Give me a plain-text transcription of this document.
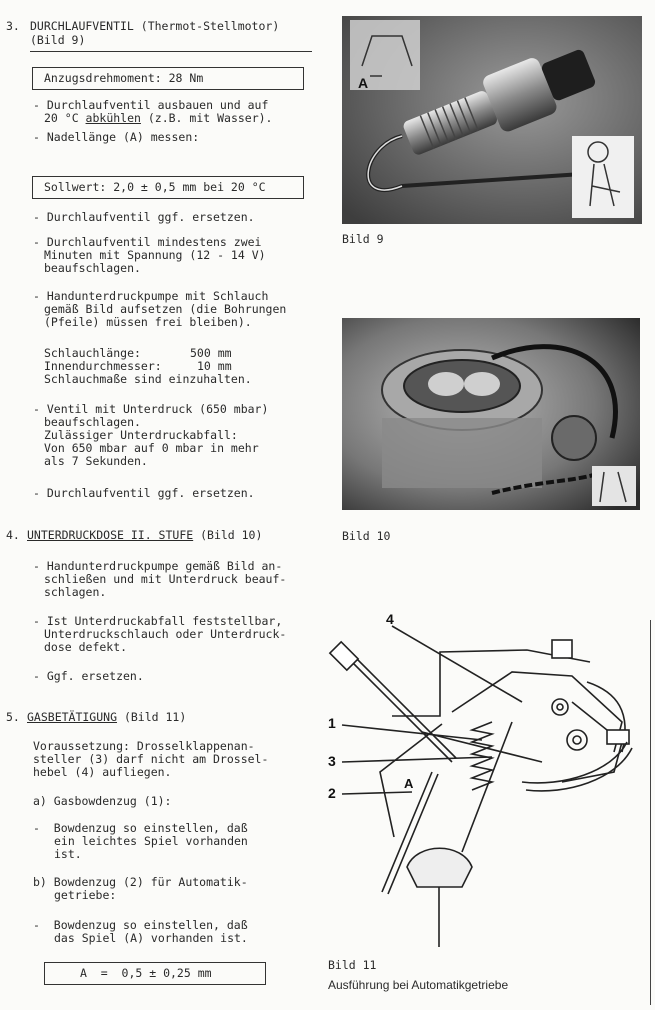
3. DURCHLAUFVENTIL (Thermot-Stellmotor)
(Bild 9)
Anzugsdrehmoment: 28 Nm
- Durchlaufventil ausbauen und auf
20 °C abkühlen (z.B. mit Wasser).
- Nadellänge (A) messen:
Sollwert: 2,0 ± 0,5 mm bei 20 °C
- Durchlaufventil ggf. ersetzen.
- Durchlaufventil mindestens zwei
Minuten mit Spannung (12 - 14 V)
beaufschlagen.
- Handunterdruckpumpe mit Schlauch
gemäß Bild aufsetzen (die Bohrungen
(Pfeile) müssen frei bleiben).
Schlauchlänge:	500 mm
Innendurchmesser:	10 mm
Schlauchmaße sind einzuhalten.
- Ventil mit Unterdruck (650 mbar)
beaufschlagen.
Zulässiger Unterdruckabfall:
Von 650 mbar auf 0 mbar in mehr
als 7 Sekunden.
- Durchlaufventil ggf. ersetzen.
4. UNTERDRUCKDOSE II. STUFE (Bild 10)
- Handunterdruckpumpe gemäß Bild an-
schließen und mit Unterdruck beauf-
schlagen.
- Ist Unterdruckabfall feststellbar,
Unterdruckschlauch oder Unterdruck-
dose defekt.
- Ggf. ersetzen.
5. GASBETÄTIGUNG (Bild 11)
Voraussetzung: Drosselklappenan-
steller (3) darf nicht am Drossel-
hebel (4) aufliegen.
a) Gasbowdenzug (1):
-  Bowdenzug so einstellen, daß
ein leichtes Spiel vorhanden
ist.
b) Bowdenzug (2) für Automatik-
getriebe:
-  Bowdenzug so einstellen, daß
das Spiel (A) vorhanden ist.
A  =  0,5 ± 0,25 mm
A
Bild 9
Bild 10
4
1
3
2
A
Bild 11
Ausführung bei Automatikgetriebe
